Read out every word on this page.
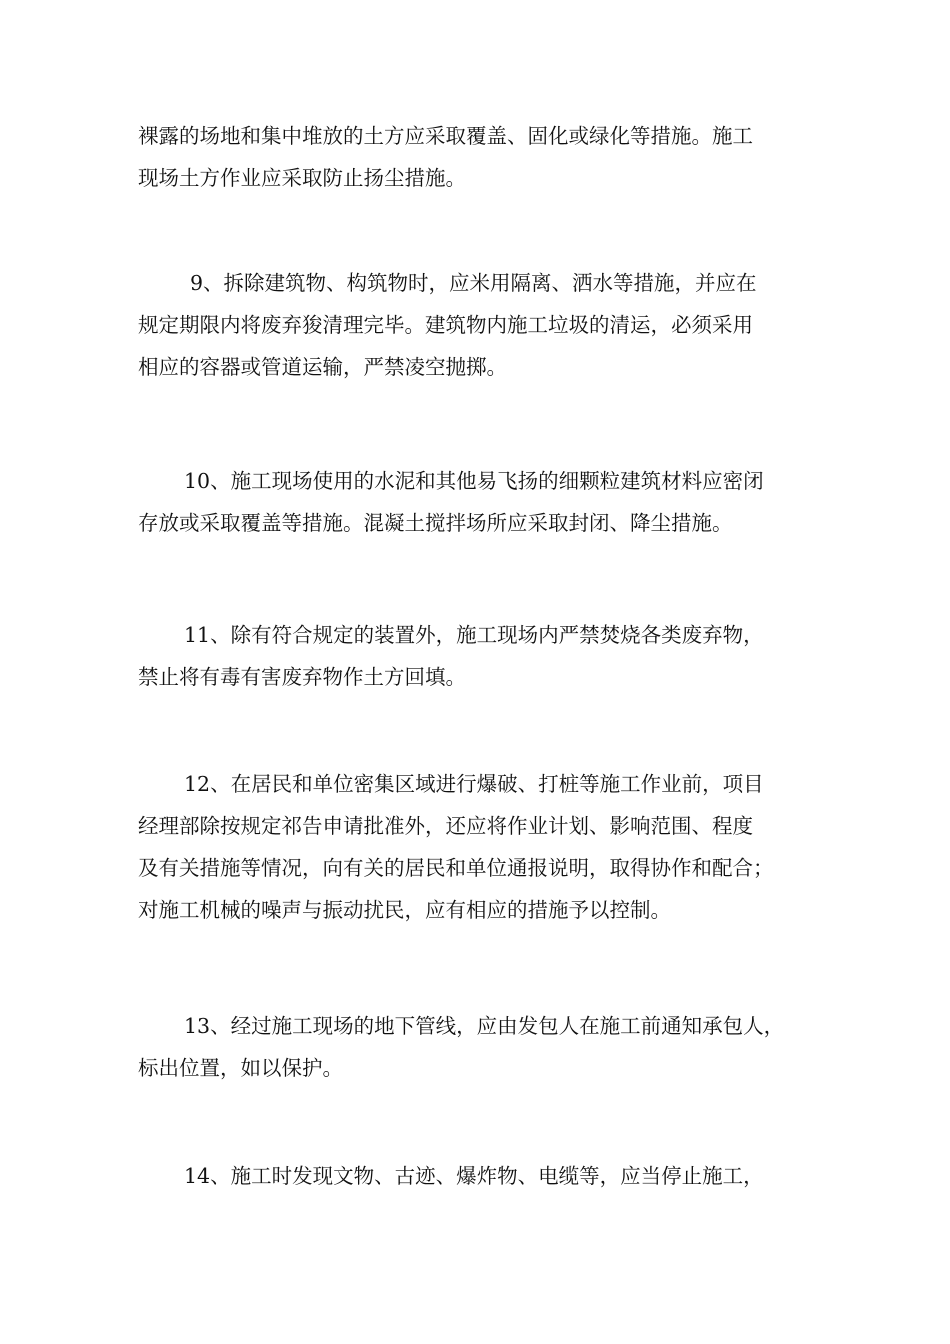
裸露的场地和集中堆放的土方应采取覆盖、固化或绿化等措施。施工
现场土方作业应采取防止扬尘措施。

9、拆除建筑物、构筑物时，应米用隔离、洒水等措施，并应在
规定期限内将废弃狻清理完毕。建筑物内施工垃圾的清运，必须采用
相应的容器或管道运输，严禁凌空抛掷。

10、施工现场使用的水泥和其他易飞扬的细颗粒建筑材料应密闭
存放或采取覆盖等措施。混凝土搅拌场所应采取封闭、降尘措施。

11、除有符合规定的装置外，施工现场内严禁焚烧各类废弃物，
禁止将有毒有害废弃物作土方回填。

12、在居民和单位密集区域进行爆破、打桩等施工作业前，项目
经理部除按规定祁告申请批准外，还应将作业计划、影响范围、程度
及有关措施等情况，向有关的居民和单位通报说明，取得协作和配合；
对施工机械的噪声与振动扰民，应有相应的措施予以控制。

13、经过施工现场的地下管线，应由发包人在施工前通知承包人，
标出位置，如以保护。

14、施工时发现文物、古迹、爆炸物、电缆等，应当停止施工，
